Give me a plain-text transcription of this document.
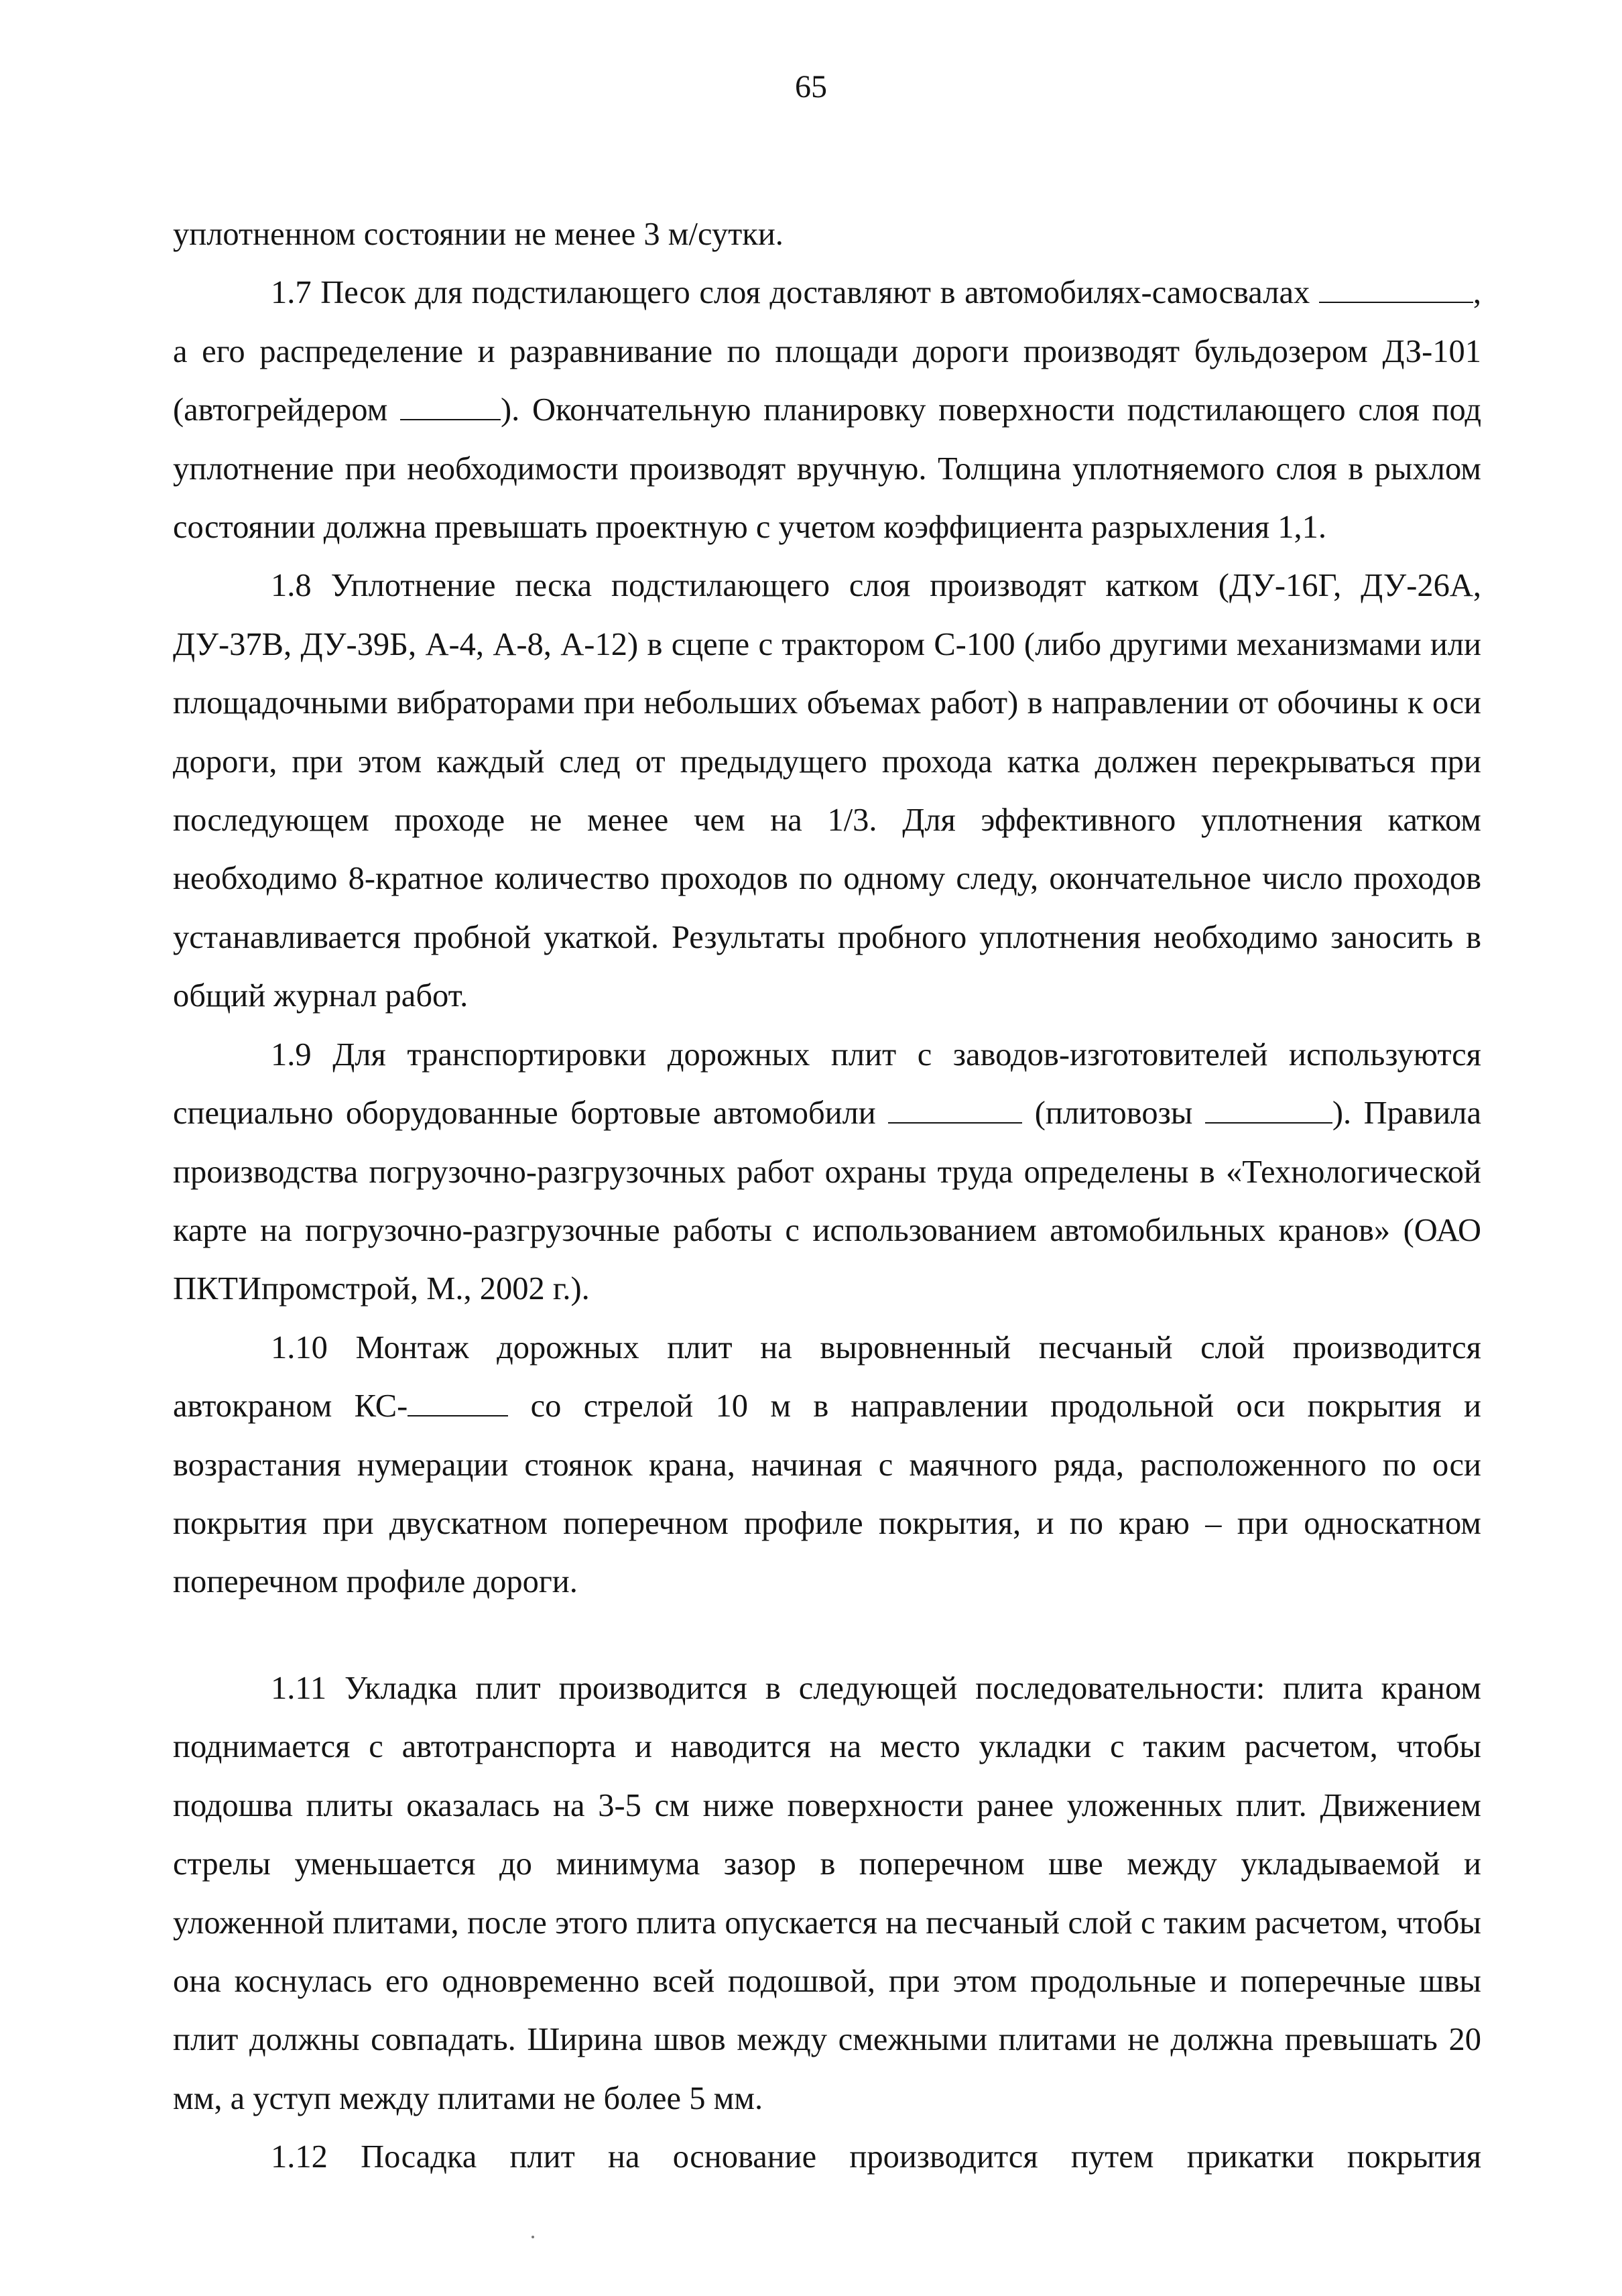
65

уплотненном состоянии не менее 3 м/сутки.

1.7 Песок для подстилающего слоя доставляют в автомобилях-самосвалах	, а его распределение и разравнивание по площади дороги производят бульдозером ДЗ-101 (автогрейдером	). Окончательную планировку поверхности подстилающего слоя под уплотнение при необходимости производят вручную. Толщина уплотняемого слоя в рыхлом состоянии должна превышать проектную с учетом коэффициента разрыхления 1,1.

1.8 Уплотнение песка подстилающего слоя производят катком (ДУ-16Г, ДУ-26А, ДУ-37В, ДУ-39Б, А-4, А-8, А-12) в сцепе с трактором С-100 (либо другими механизмами или площадочными вибраторами при небольших объемах работ) в направлении от обочины к оси дороги, при этом каждый след от предыдущего прохода катка должен перекрываться при последующем проходе не менее чем на 1/3. Для эффективного уплотнения катком необходимо 8-кратное количество проходов по одному следу, окончательное число проходов устанавливается пробной укаткой. Результаты пробного уплотнения необходимо заносить в общий журнал работ.

1.9 Для транспортировки дорожных плит с заводов-изготовителей используются специально оборудованные бортовые автомобили	(плитовозы	). Правила производства погрузочно-разгрузочных работ охраны труда определены в «Технологической карте на погрузочно-разгрузочные работы с использованием автомобильных кранов» (ОАО ПКТИпромстрой, М., 2002 г.).

1.10 Монтаж дорожных плит на выровненный песчаный слой производится автокраном КС-	со стрелой 10 м в направлении продольной оси покрытия и возрастания нумерации стоянок крана, начиная с маячного ряда, расположенного по оси покрытия при двускатном поперечном профиле покрытия, и по краю – при односкатном поперечном профиле дороги.

1.11 Укладка плит производится в следующей последовательности: плита краном поднимается с автотранспорта и наводится на место укладки с таким расчетом, чтобы подошва плиты оказалась на 3-5 см ниже поверхности ранее уложенных плит. Движением стрелы уменьшается до минимума зазор в поперечном шве между укладываемой и уложенной плитами, после этого плита опускается на песчаный слой с таким расчетом, чтобы она коснулась его одновременно всей подошвой, при этом продольные и поперечные швы плит должны совпадать. Ширина швов между смежными плитами не должна превышать 20 мм, а уступ между плитами не более 5 мм.

1.12 Посадка плит на основание производится путем прикатки покрытия
